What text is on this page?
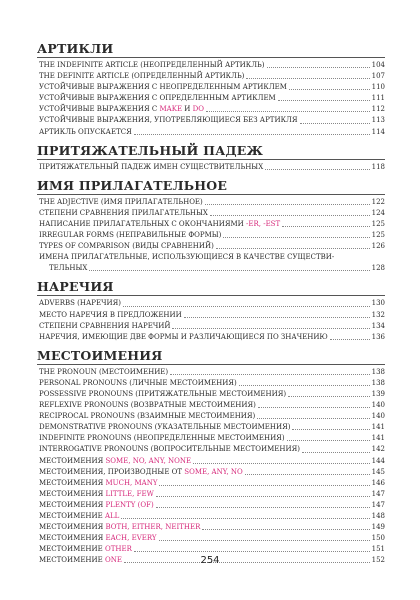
АРТИКЛИ
THE INDEFINITE ARTICLE (НЕОПРЕДЕЛЕННЫЙ АРТИКЛЬ)	104
THE DEFINITE ARTICLE (ОПРЕДЕЛЕННЫЙ АРТИКЛЬ)	107
УСТОЙЧИВЫЕ ВЫРАЖЕНИЯ С НЕОПРЕДЕЛЕННЫМ АРТИКЛЕМ	110
УСТОЙЧИВЫЕ ВЫРАЖЕНИЯ С ОПРЕДЕЛЕННЫМ АРТИКЛЕМ	111
УСТОЙЧИВЫЕ ВЫРАЖЕНИЯ С MAKE И DO	112
УСТОЙЧИВЫЕ ВЫРАЖЕНИЯ, УПОТРЕБЛЯЮЩИЕСЯ БЕЗ АРТИКЛЯ	113
АРТИКЛЬ ОПУСКАЕТСЯ	114
ПРИТЯЖАТЕЛЬНЫЙ ПАДЕЖ
ПРИТЯЖАТЕЛЬНЫЙ ПАДЕЖ ИМЕН СУЩЕСТВИТЕЛЬНЫХ	118
ИМЯ ПРИЛАГАТЕЛЬНОЕ
THE ADJECTIVE (ИМЯ ПРИЛАГАТЕЛЬНОЕ)	122
СТЕПЕНИ СРАВНЕНИЯ ПРИЛАГАТЕЛЬНЫХ	124
НАПИСАНИЕ ПРИЛАГАТЕЛЬНЫХ С ОКОНЧАНИЯМИ -ER, -EST	125
IRREGULAR FORMS (НЕПРАВИЛЬНЫЕ ФОРМЫ)	125
TYPES OF COMPARISON (ВИДЫ СРАВНЕНИЙ)	126
ИМЕНА ПРИЛАГАТЕЛЬНЫЕ, ИСПОЛЬЗУЮЩИЕСЯ В КАЧЕСТВЕ СУЩЕСТВИ-
ТЕЛЬНЫХ	128
НАРЕЧИЯ
ADVERBS (НАРЕЧИЯ)	130
МЕСТО НАРЕЧИЯ В ПРЕДЛОЖЕНИИ	132
СТЕПЕНИ СРАВНЕНИЯ НАРЕЧИЙ	134
НАРЕЧИЯ, ИМЕЮЩИЕ ДВЕ ФОРМЫ И РАЗЛИЧАЮЩИЕСЯ ПО ЗНАЧЕНИЮ	136
МЕСТОИМЕНИЯ
THE PRONOUN (МЕСТОИМЕНИЕ)	138
PERSONAL PRONOUNS (ЛИЧНЫЕ МЕСТОИМЕНИЯ)	138
POSSESSIVE PRONOUNS (ПРИТЯЖАТЕЛЬНЫЕ МЕСТОИМЕНИЯ)	139
REFLEXIVE PRONOUNS (ВОЗВРАТНЫЕ МЕСТОИМЕНИЯ)	140
RECIPROCAL PRONOUNS (ВЗАИМНЫЕ МЕСТОИМЕНИЯ)	140
DEMONSTRATIVE PRONOUNS (УКАЗАТЕЛЬНЫЕ МЕСТОИМЕНИЯ)	141
INDEFINITE PRONOUNS (НЕОПРЕДЕЛЕННЫЕ МЕСТОИМЕНИЯ)	141
INTERROGATIVE PRONOUNS (ВОПРОСИТЕЛЬНЫЕ МЕСТОИМЕНИЯ)	142
МЕСТОИМЕНИЯ SOME, NO, ANY, NONE	144
МЕСТОИМЕНИЯ, ПРОИЗВОДНЫЕ ОТ SOME, ANY, NO	145
МЕСТОИМЕНИЯ MUCH, MANY	146
МЕСТОИМЕНИЯ LITTLE, FEW	147
МЕСТОИМЕНИЯ PLENTY (OF)	147
МЕСТОИМЕНИЕ ALL	148
МЕСТОИМЕНИЯ BOTH, EITHER, NEITHER	149
МЕСТОИМЕНИЯ EACH, EVERY	150
МЕСТОИМЕНИЕ OTHER	151
МЕСТОИМЕНИЕ ONE	152
254
